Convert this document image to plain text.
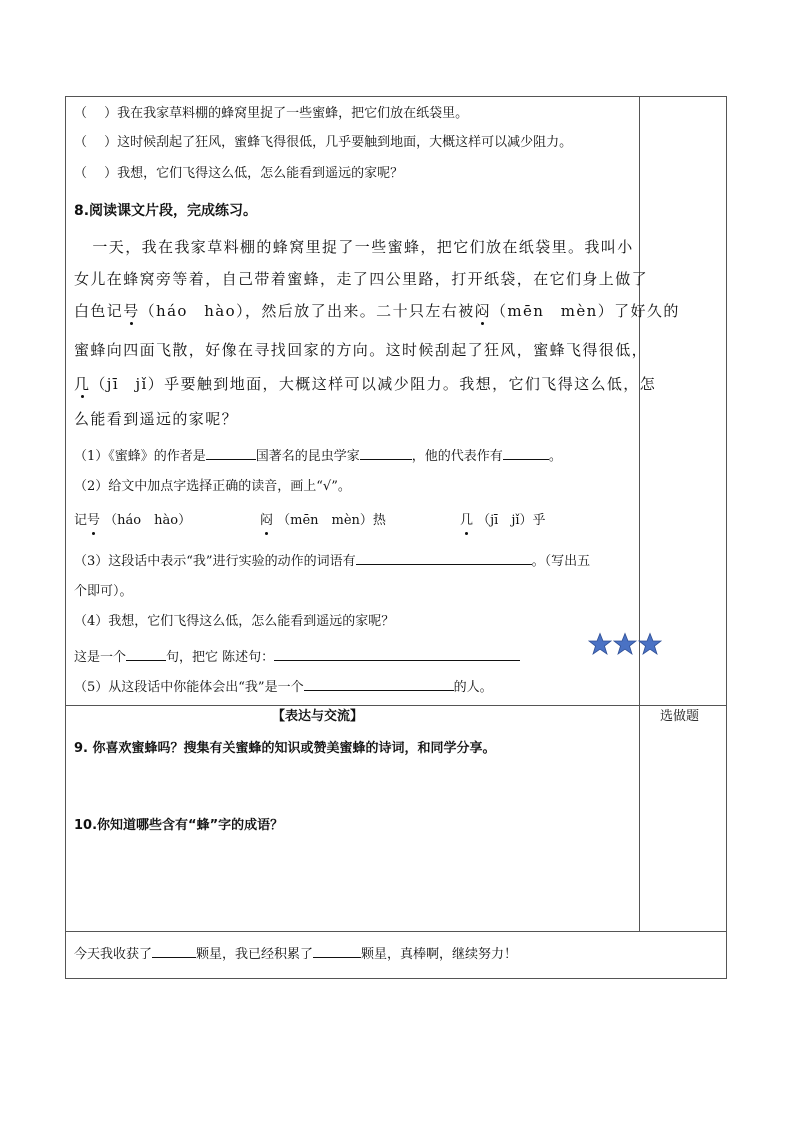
（　 ）我在我家草料棚的蜂窝里捉了一些蜜蜂，把它们放在纸袋里。
（　 ）这时候刮起了狂风，蜜蜂飞得很低，几乎要触到地面，大概这样可以减少阻力。
（　 ）我想，它们飞得这么低，怎么能看到遥远的家呢？
8.阅读课文片段，完成练习。
　一天，我在我家草料棚的蜂窝里捉了一些蜜蜂，把它们放在纸袋里。我叫小
女儿在蜂窝旁等着，自己带着蜜蜂，走了四公里路，打开纸袋，在它们身上做了
白色记号（háo　hào），然后放了出来。二十只左右被闷（mēn　mèn）了好久的
蜜蜂向四面飞散，好像在寻找回家的方向。这时候刮起了狂风，蜜蜂飞得很低，
几（jī　jǐ）乎要触到地面，大概这样可以减少阻力。我想，它们飞得这么低，怎
么能看到遥远的家呢？
（1）《蜜蜂》的作者是	国著名的昆虫学家	，他的代表作有	。
（2）给文中加点字选择正确的读音，画上“√”。
记号 （háo　hào）	闷 （mēn　mèn）热	几 （jī　jǐ）乎
（3）这段话中表示“我”进行实验的动作的词语有	。（写出五
个即可）。
（4）我想，它们飞得这么低，怎么能看到遥远的家呢？
这是一个	句，把它 陈述句：
（5）从这段话中你能体会出“我”是一个	的人。
【表达与交流】	选做题
9. 你喜欢蜜蜂吗？搜集有关蜜蜂的知识或赞美蜜蜂的诗词，和同学分享。
10.你知道哪些含有“蜂”字的成语？
今天我收获了	颗星，我已经积累了	颗星，真棒啊，继续努力！
